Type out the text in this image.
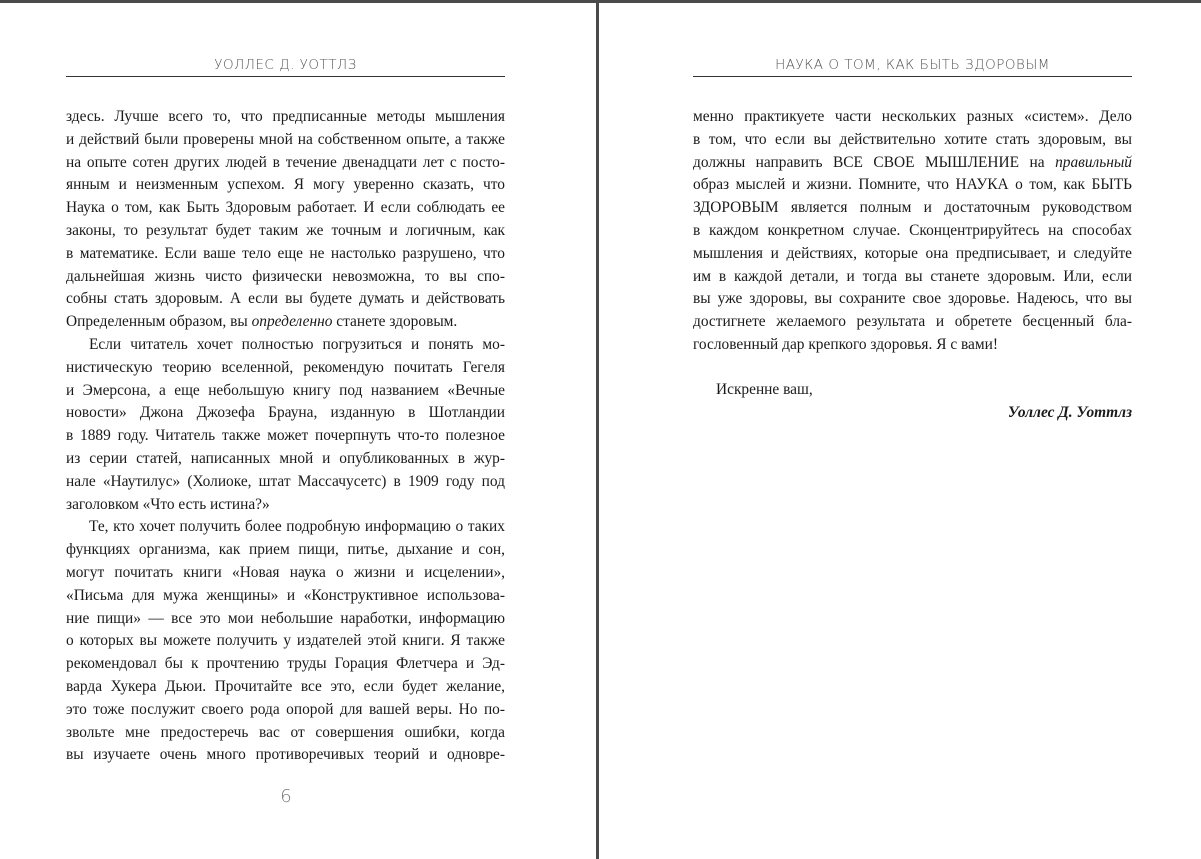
УОЛЛЕС Д. УОТТЛЗ
здесь. Лучше всего то, что предписанные методы мышления
и действий были проверены мной на собственном опыте, а также
на опыте сотен других людей в течение двенадцати лет с посто-
янным и неизменным успехом. Я могу уверенно сказать, что
Наука о том, как Быть Здоровым работает. И если соблюдать ее
законы, то результат будет таким же точным и логичным, как
в математике. Если ваше тело еще не настолько разрушено, что
дальнейшая жизнь чисто физически невозможна, то вы спо-
собны стать здоровым. А если вы будете думать и действовать
Определенным образом, вы определенно станете здоровым.
Если читатель хочет полностью погрузиться и понять мо-
нистическую теорию вселенной, рекомендую почитать Гегеля
и Эмерсона, а еще небольшую книгу под названием «Вечные
новости» Джона Джозефа Брауна, изданную в Шотландии
в 1889 году. Читатель также может почерпнуть что-то полезное
из серии статей, написанных мной и опубликованных в жур-
нале «Наутилус» (Холиоке, штат Массачусетс) в 1909 году под
заголовком «Что есть истина?»
Те, кто хочет получить более подробную информацию о таких
функциях организма, как прием пищи, питье, дыхание и сон,
могут почитать книги «Новая наука о жизни и исцелении»,
«Письма для мужа женщины» и «Конструктивное использова-
ние пищи» — все это мои небольшие наработки, информацию
о которых вы можете получить у издателей этой книги. Я также
рекомендовал бы к прочтению труды Горация Флетчера и Эд-
варда Хукера Дьюи. Прочитайте все это, если будет желание,
это тоже послужит своего рода опорой для вашей веры. Но по-
звольте мне предостеречь вас от совершения ошибки, когда
вы изучаете очень много противоречивых теорий и одновре-
6
НАУКА О ТОМ, КАК БЫТЬ ЗДОРОВЫМ
менно практикуете части нескольких разных «систем». Дело
в том, что если вы действительно хотите стать здоровым, вы
должны направить ВСЕ СВОЕ МЫШЛЕНИЕ на правильный
образ мыслей и жизни. Помните, что НАУКА о том, как БЫТЬ
ЗДОРОВЫМ является полным и достаточным руководством
в каждом конкретном случае. Сконцентрируйтесь на способах
мышления и действиях, которые она предписывает, и следуйте
им в каждой детали, и тогда вы станете здоровым. Или, если
вы уже здоровы, вы сохраните свое здоровье. Надеюсь, что вы
достигнете желаемого результата и обретете бесценный бла-
гословенный дар крепкого здоровья. Я с вами!
Искренне ваш,
Уоллес Д. Уоттлз
